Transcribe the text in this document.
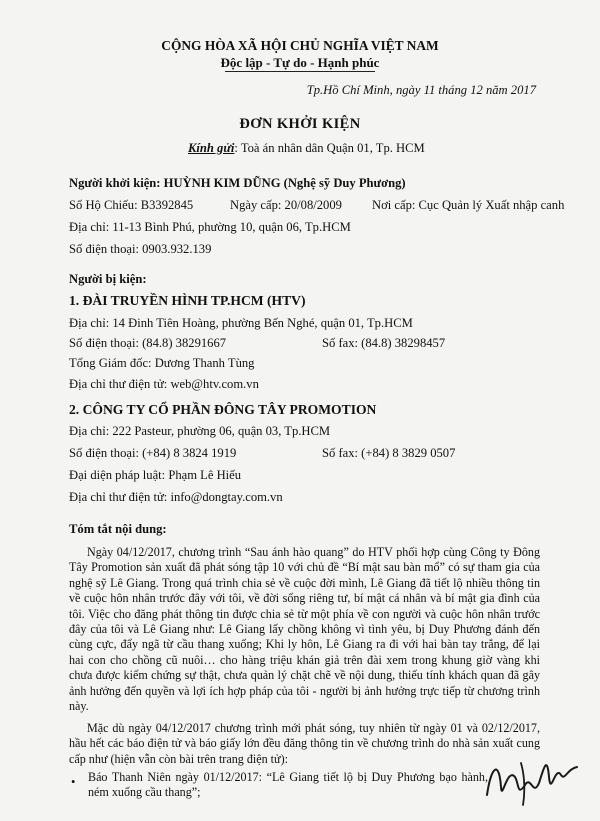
CỘNG HÒA XÃ HỘI CHỦ NGHĨA VIỆT NAM
Độc lập - Tự do - Hạnh phúc
Tp.Hồ Chí Minh, ngày 11 tháng 12 năm 2017
ĐƠN KHỞI KIỆN
Kính gửi: Toà án nhân dân Quận 01, Tp. HCM
Người khởi kiện: HUỲNH KIM DŨNG (Nghệ sỹ Duy Phương)
Số Hộ Chiếu: B3392845	Ngày cấp: 20/08/2009 Nơi cấp: Cục Quản lý Xuất nhập canh
Địa chỉ: 11-13 Bình Phú, phường 10, quận 06, Tp.HCM
Số điện thoại: 0903.932.139
Người bị kiện:
1. ĐÀI TRUYỀN HÌNH TP.HCM (HTV)
Địa chỉ: 14 Đinh Tiên Hoàng, phường Bến Nghé, quận 01, Tp.HCM
Số điện thoại: (84.8) 38291667	Số fax: (84.8) 38298457
Tổng Giám đốc: Dương Thanh Tùng
Địa chỉ thư điện tử: web@htv.com.vn
2. CÔNG TY CỔ PHẦN ĐÔNG TÂY PROMOTION
Địa chỉ: 222 Pasteur, phường 06, quận 03, Tp.HCM
Số điện thoại: (+84) 8 3824 1919	Số fax: (+84) 8 3829 0507
Đại diện pháp luật: Phạm Lê Hiếu
Địa chỉ thư điện tử: info@dongtay.com.vn
Tóm tắt nội dung:
Ngày 04/12/2017, chương trình “Sau ánh hào quang” do HTV phối hợp cùng Công ty Đông Tây Promotion sản xuất đã phát sóng tập 10 với chủ đề “Bí mật sau bàn mổ” có sự tham gia của nghệ sỹ Lê Giang. Trong quá trình chia sẻ về cuộc đời mình, Lê Giang đã tiết lộ nhiều thông tin về cuộc hôn nhân trước đây với tôi, về đời sống riêng tư, bí mật cá nhân và bí mật gia đình của tôi. Việc cho đăng phát thông tin được chia sẻ từ một phía về con người và cuộc hôn nhân trước đây của tôi và Lê Giang như: Lê Giang lấy chồng không vì tình yêu, bị Duy Phương đánh đến cùng cực, đẩy ngã từ cầu thang xuống; Khi ly hôn, Lê Giang ra đi với hai bàn tay trắng, để lại hai con cho chồng cũ nuôi… cho hàng triệu khán giả trên đài xem trong khung giờ vàng khi chưa được kiểm chứng sự thật, chưa quản lý chặt chẽ về nội dung, thiếu tính khách quan đã gây ảnh hưởng đến quyền và lợi ích hợp pháp của tôi - người bị ảnh hưởng trực tiếp từ chương trình này.
Mặc dù ngày 04/12/2017 chương trình mới phát sóng, tuy nhiên từ ngày 01 và 02/12/2017, hầu hết các báo điện tử và báo giấy lớn đều đăng thông tin về chương trình do nhà sản xuất cung cấp như (hiện vẫn còn bài trên trang điện tử):
• Báo Thanh Niên ngày 01/12/2017: “Lê Giang tiết lộ bị Duy Phương bạo hành, ném xuống cầu thang”;
